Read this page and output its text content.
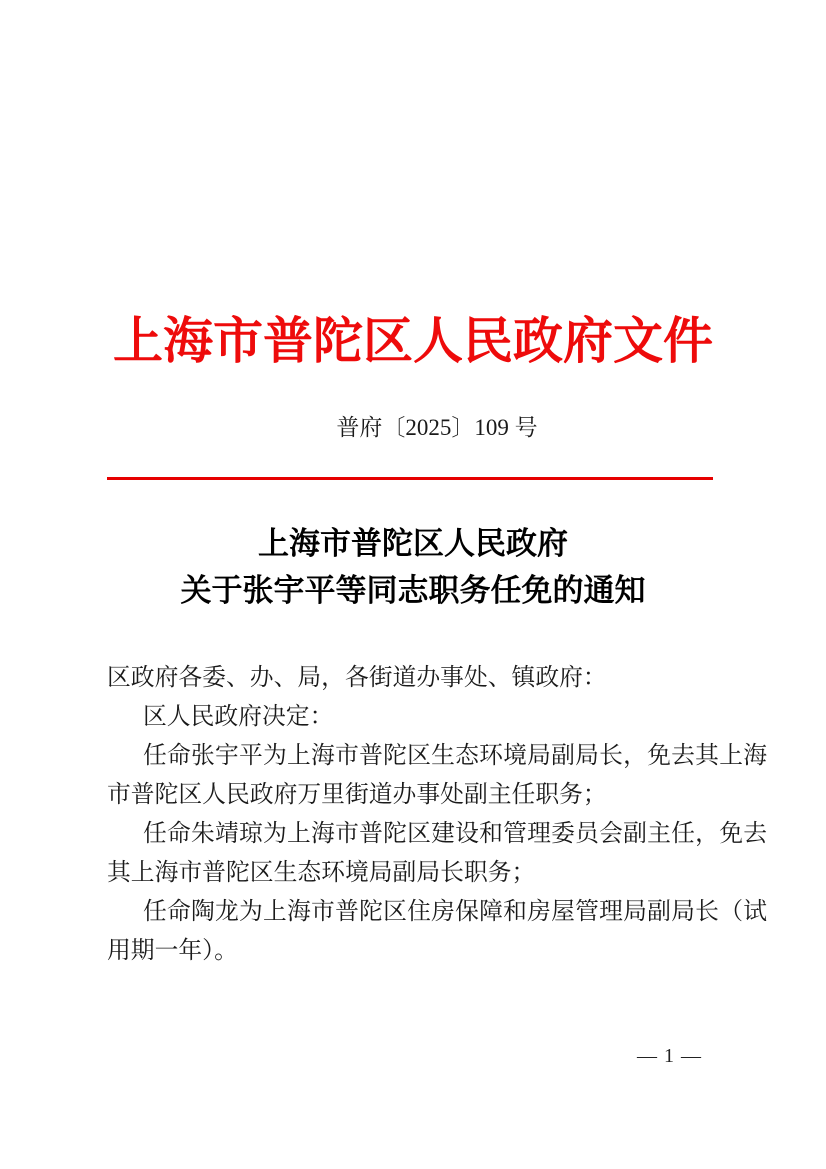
上海市普陀区人民政府文件
普府〔2025〕109 号
上海市普陀区人民政府
关于张宇平等同志职务任免的通知

区政府各委、办、局，各街道办事处、镇政府：

区人民政府决定：

任命张宇平为上海市普陀区生态环境局副局长，免去其上海市普陀区人民政府万里街道办事处副主任职务；

任命朱靖琼为上海市普陀区建设和管理委员会副主任，免去其上海市普陀区生态环境局副局长职务；

任命陶龙为上海市普陀区住房保障和房屋管理局副局长（试用期一年）。

— 1 —
